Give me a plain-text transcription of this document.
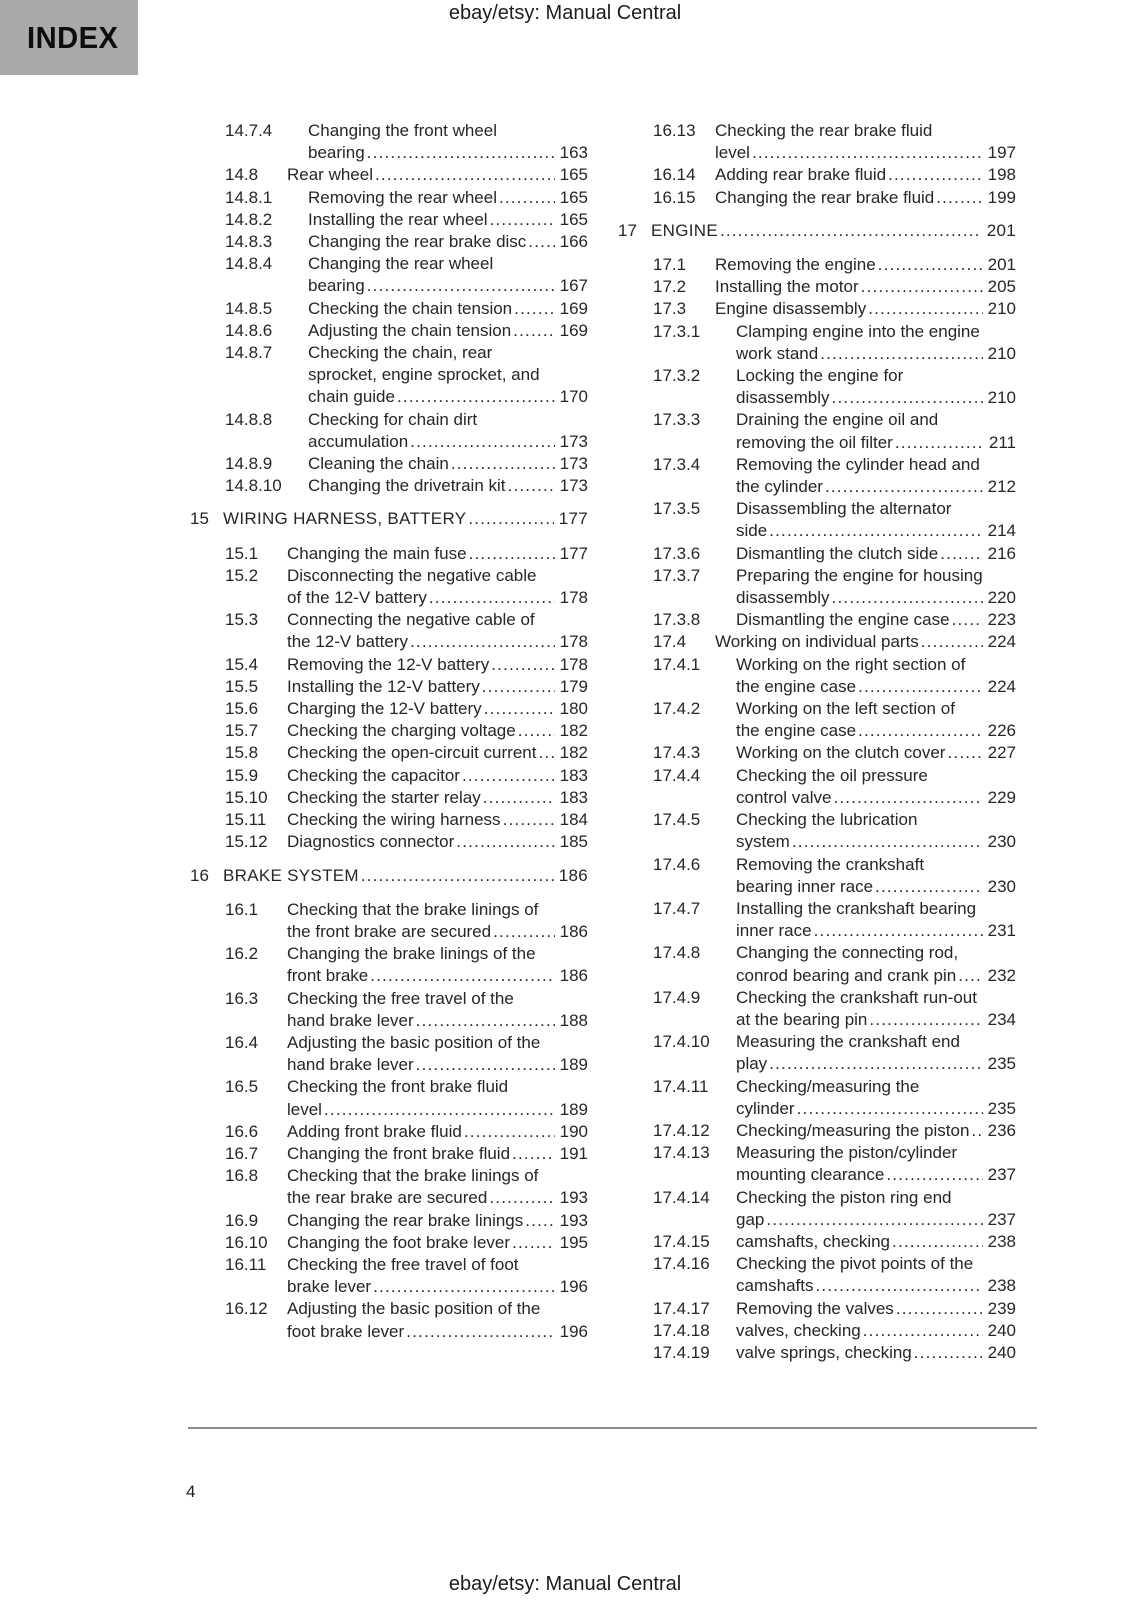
INDEX
ebay/etsy: Manual Central
14.7.4	Changing the front wheel
bearing .....	163
14.8	Rear wheel .....	165
14.8.1	Removing the rear wheel .....	165
14.8.2	Installing the rear wheel .....	165
14.8.3	Changing the rear brake disc ..... 166
14.8.4	Changing the rear wheel
bearing .....	167
14.8.5	Checking the chain tension .....	169
14.8.6	Adjusting the chain tension .....	169
14.8.7	Checking the chain, rear
sprocket, engine sprocket, and
chain guide .....	170
14.8.8	Checking for chain dirt
accumulation .....	173
14.8.9	Cleaning the chain .....	173
14.8.10	Changing the drivetrain kit .....	173
15 WIRING HARNESS, BATTERY .....	177
15.1	Changing the main fuse .....	177
15.2	Disconnecting the negative cable
of the 12-V battery .....	178
15.3	Connecting the negative cable of
the 12-V battery .....	178
15.4	Removing the 12-V battery .....	178
15.5	Installing the 12-V battery .....	179
15.6	Charging the 12-V battery .....	180
15.7	Checking the charging voltage .....	182
15.8	Checking the open-circuit current ..... 182
15.9	Checking the capacitor .....	183
15.10	Checking the starter relay .....	183
15.11	Checking the wiring harness .....	184
15.12	Diagnostics connector .....	185
16 BRAKE SYSTEM .....	186
16.1	Checking that the brake linings of
the front brake are secured .....	186
16.2	Changing the brake linings of the
front brake .....	186
16.3	Checking the free travel of the
hand brake lever .....	188
16.4	Adjusting the basic position of the
hand brake lever .....	189
16.5	Checking the front brake fluid
level .....	189
16.6	Adding front brake fluid .....	190
16.7	Changing the front brake fluid .....	191
16.8	Checking that the brake linings of
the rear brake are secured .....	193
16.9	Changing the rear brake linings ..... 193
16.10	Changing the foot brake lever .....	195
16.11	Checking the free travel of foot
brake lever .....	196
16.12	Adjusting the basic position of the
foot brake lever .....	196
16.13	Checking the rear brake fluid
level .....	197
16.14	Adding rear brake fluid .....	198
16.15	Changing the rear brake fluid .....	199
17 ENGINE .....	201
17.1	Removing the engine .....	201
17.2	Installing the motor .....	205
17.3	Engine disassembly .....	210
17.3.1	Clamping engine into the engine
work stand .....	210
17.3.2	Locking the engine for
disassembly .....	210
17.3.3	Draining the engine oil and
removing the oil filter .....	211
17.3.4	Removing the cylinder head and
the cylinder .....	212
17.3.5	Disassembling the alternator
side .....	214
17.3.6	Dismantling the clutch side .....	216
17.3.7	Preparing the engine for housing
disassembly .....	220
17.3.8	Dismantling the engine case ..... 223
17.4	Working on individual parts .....	224
17.4.1	Working on the right section of
the engine case .....	224
17.4.2	Working on the left section of
the engine case .....	226
17.4.3	Working on the clutch cover ..... 227
17.4.4	Checking the oil pressure
control valve .....	229
17.4.5	Checking the lubrication
system .....	230
17.4.6	Removing the crankshaft
bearing inner race .....	230
17.4.7	Installing the crankshaft bearing
inner race .....	231
17.4.8	Changing the connecting rod,
conrod bearing and crank pin ..... 232
17.4.9	Checking the crankshaft run-out
at the bearing pin .....	234
17.4.10	Measuring the crankshaft end
play .....	235
17.4.11	Checking/measuring the
cylinder .....	235
17.4.12	Checking/measuring the piston ..... 236
17.4.13	Measuring the piston/cylinder
mounting clearance .....	237
17.4.14	Checking the piston ring end
gap .....	237
17.4.15	camshafts, checking .....	238
17.4.16	Checking the pivot points of the
camshafts .....	238
17.4.17	Removing the valves .....	239
17.4.18	valves, checking .....	240
17.4.19	valve springs, checking .....	240
4
ebay/etsy: Manual Central
